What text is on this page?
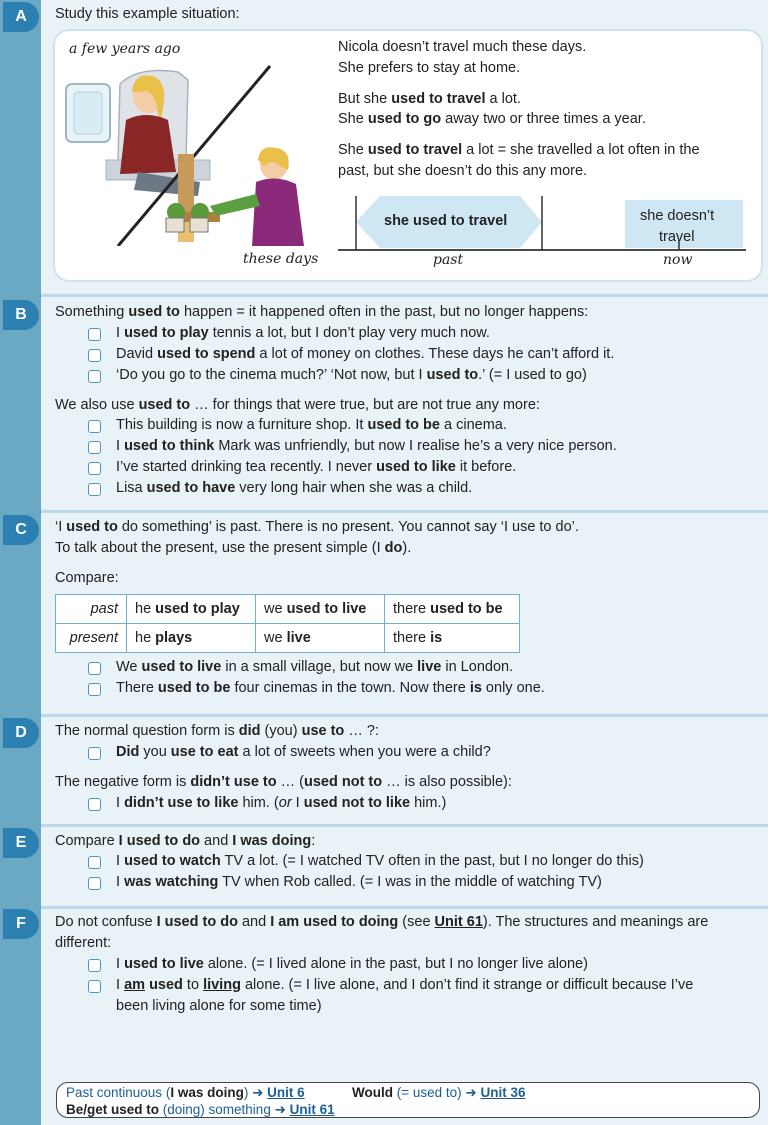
A	Study this example situation:
a few years ago
these days
Nicola doesn’t travel much these days.
She prefers to stay at home.
But she used to travel a lot.
She used to go away two or three times a year.
She used to travel a lot = she travelled a lot often in the
past, but she doesn’t do this any more.
she used to travel	she doesn’t
travel
past	now
B	Something used to happen = it happened often in the past, but no longer happens:
I used to play tennis a lot, but I don’t play very much now.
David used to spend a lot of money on clothes. These days he can’t afford it.
‘Do you go to the cinema much?’ ‘Not now, but I used to.’ (= I used to go)
We also use used to … for things that were true, but are not true any more:
This building is now a furniture shop. It used to be a cinema.
I used to think Mark was unfriendly, but now I realise he’s a very nice person.
I’ve started drinking tea recently. I never used to like it before.
Lisa used to have very long hair when she was a child.
C	‘I used to do something’ is past. There is no present. You cannot say ‘I use to do’.
To talk about the present, use the present simple (I do).
Compare:
past	he used to play	we used to live	there used to be
present	he plays	we live	there is
We used to live in a small village, but now we live in London.
There used to be four cinemas in the town. Now there is only one.
D	The normal question form is did (you) use to … ?:
Did you use to eat a lot of sweets when you were a child?
The negative form is didn’t use to … (used not to … is also possible):
I didn’t use to like him. (or I used not to like him.)
E	Compare I used to do and I was doing:
I used to watch TV a lot. (= I watched TV often in the past, but I no longer do this)
I was watching TV when Rob called. (= I was in the middle of watching TV)
F	Do not confuse I used to do and I am used to doing (see Unit 61). The structures and meanings are
different:
I used to live alone. (= I lived alone in the past, but I no longer live alone)
I am used to living alone. (= I live alone, and I don’t find it strange or difficult because I’ve
been living alone for some time)
Past continuous (I was doing) ➜ Unit 6	Would (= used to) ➜ Unit 36
Be/get used to (doing) something ➜ Unit 61
